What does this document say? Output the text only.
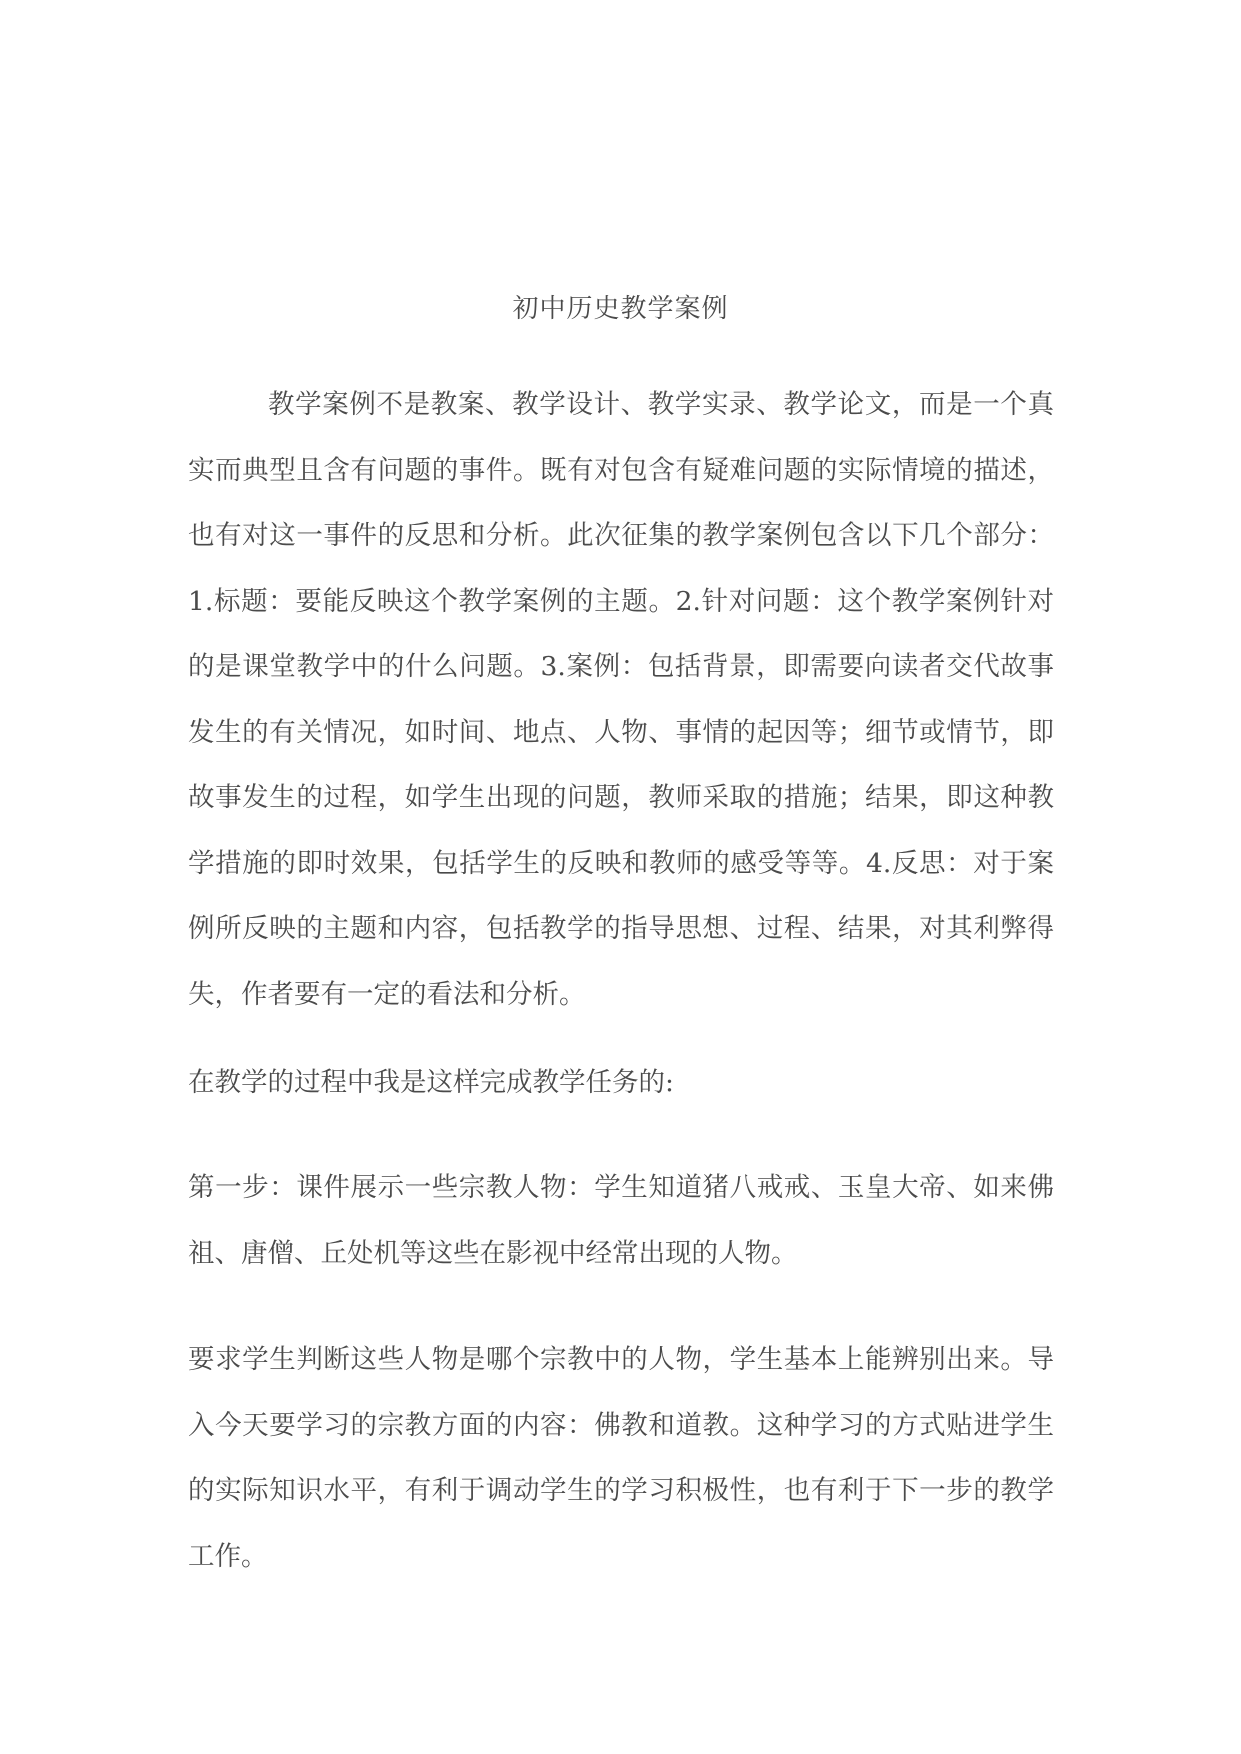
初中历史教学案例

教学案例不是教案、教学设计、教学实录、教学论文，而是一个真实而典型且含有问题的事件。既有对包含有疑难问题的实际情境的描述，也有对这一事件的反思和分析。此次征集的教学案例包含以下几个部分：1.标题：要能反映这个教学案例的主题。2.针对问题：这个教学案例针对的是课堂教学中的什么问题。3.案例：包括背景，即需要向读者交代故事发生的有关情况，如时间、地点、人物、事情的起因等；细节或情节，即故事发生的过程，如学生出现的问题，教师采取的措施；结果，即这种教学措施的即时效果，包括学生的反映和教师的感受等等。4.反思：对于案例所反映的主题和内容，包括教学的指导思想、过程、结果，对其利弊得失，作者要有一定的看法和分析。

在教学的过程中我是这样完成教学任务的:

第一步：课件展示一些宗教人物：学生知道猪八戒戒、玉皇大帝、如来佛祖、唐僧、丘处机等这些在影视中经常出现的人物。

要求学生判断这些人物是哪个宗教中的人物，学生基本上能辨别出来。导入今天要学习的宗教方面的内容：佛教和道教。这种学习的方式贴进学生的实际知识水平，有利于调动学生的学习积极性，也有利于下一步的教学工作。
